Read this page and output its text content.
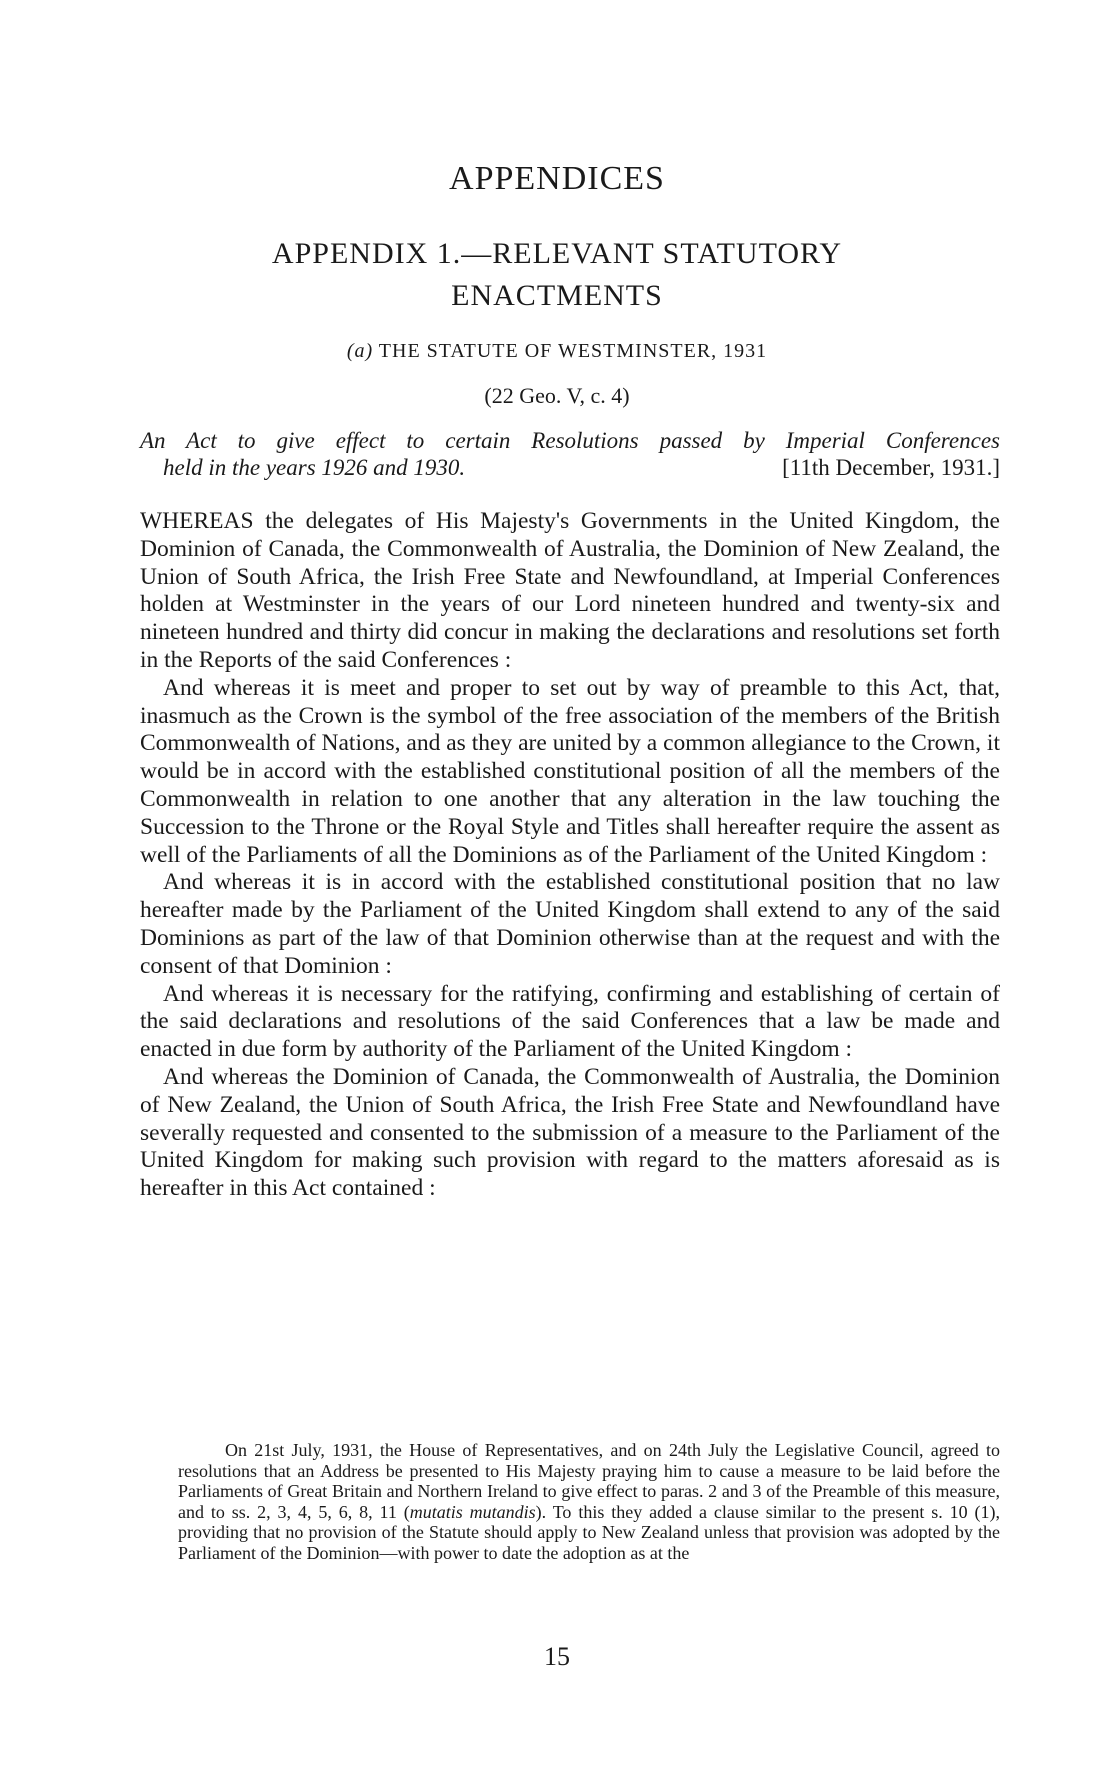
APPENDICES
APPENDIX 1.—RELEVANT STATUTORY
ENACTMENTS
(a) THE STATUTE OF WESTMINSTER, 1931

(22 Geo. V, c. 4)

An Act to give effect to certain Resolutions passed by Imperial Conferences
held in the years 1926 and 1930.	[11th December, 1931.]

WHEREAS the delegates of His Majesty's Governments in the United Kingdom, the Dominion of Canada, the Commonwealth of Australia, the Dominion of New Zealand, the Union of South Africa, the Irish Free State and Newfoundland, at Imperial Conferences holden at Westminster in the years of our Lord nineteen hundred and twenty-six and nineteen hundred and thirty did concur in making the declarations and resolutions set forth in the Reports of the said Conferences :

And whereas it is meet and proper to set out by way of preamble to this Act, that, inasmuch as the Crown is the symbol of the free association of the members of the British Commonwealth of Nations, and as they are united by a common allegiance to the Crown, it would be in accord with the established constitutional position of all the members of the Commonwealth in relation to one another that any alteration in the law touching the Succession to the Throne or the Royal Style and Titles shall hereafter require the assent as well of the Parliaments of all the Dominions as of the Parliament of the United Kingdom :

And whereas it is in accord with the established constitutional position that no law hereafter made by the Parliament of the United Kingdom shall extend to any of the said Dominions as part of the law of that Dominion otherwise than at the request and with the consent of that Dominion :

And whereas it is necessary for the ratifying, confirming and establishing of certain of the said declarations and resolutions of the said Conferences that a law be made and enacted in due form by authority of the Parliament of the United Kingdom :

And whereas the Dominion of Canada, the Commonwealth of Australia, the Dominion of New Zealand, the Union of South Africa, the Irish Free State and Newfoundland have severally requested and consented to the submission of a measure to the Parliament of the United Kingdom for making such provision with regard to the matters aforesaid as is hereafter in this Act contained :

On 21st July, 1931, the House of Representatives, and on 24th July the Legislative Council, agreed to resolutions that an Address be presented to His Majesty praying him to cause a measure to be laid before the Parliaments of Great Britain and Northern Ireland to give effect to paras. 2 and 3 of the Preamble of this measure, and to ss. 2, 3, 4, 5, 6, 8, 11 (mutatis mutandis). To this they added a clause similar to the present s. 10 (1), providing that no provision of the Statute should apply to New Zealand unless that provision was adopted by the Parliament of the Dominion—with power to date the adoption as at the

15
